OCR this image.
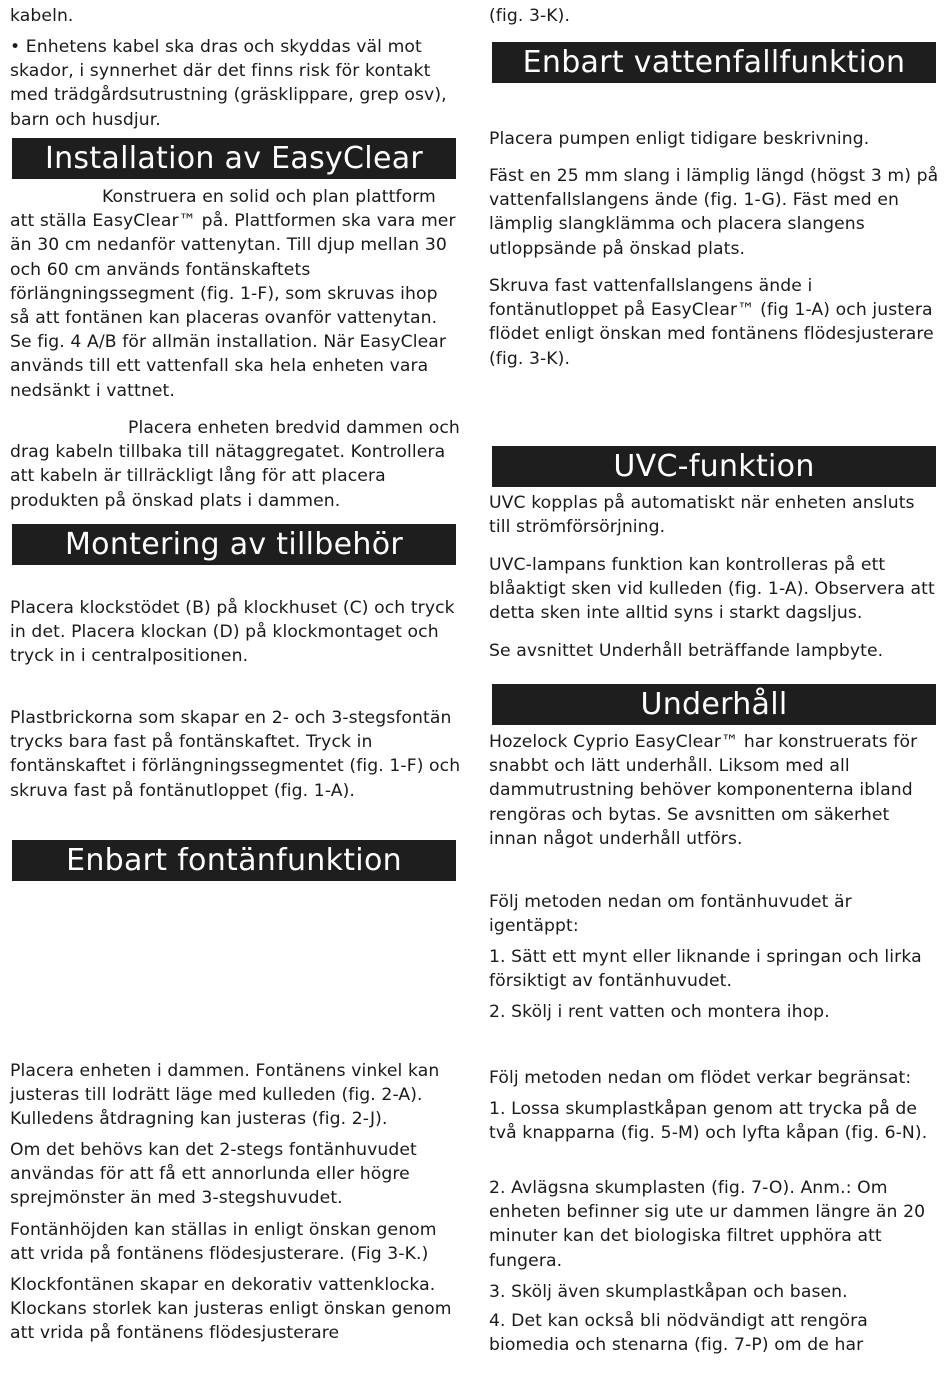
kabeln.

• Enhetens kabel ska dras och skyddas väl mot skador, i synnerhet där det finns risk för kontakt med trädgårdsutrustning (gräsklippare, grep osv), barn och husdjur.

Installation av EasyClear

Konstruera en solid och plan plattform att ställa EasyClear™ på. Plattformen ska vara mer än 30 cm nedanför vattenytan. Till djup mellan 30 och 60 cm används fontänskaftets förlängningssegment (fig. 1-F), som skruvas ihop så att fontänen kan placeras ovanför vattenytan. Se fig. 4 A/B för allmän installation. När EasyClear används till ett vattenfall ska hela enheten vara nedsänkt i vattnet.

Placera enheten bredvid dammen och drag kabeln tillbaka till nätaggregatet. Kontrollera att kabeln är tillräckligt lång för att placera produkten på önskad plats i dammen.

Montering av tillbehör

Placera klockstödet (B) på klockhuset (C) och tryck in det. Placera klockan (D) på klockmontaget och tryck in i centralpositionen.

Plastbrickorna som skapar en 2- och 3-stegsfontän trycks bara fast på fontänskaftet. Tryck in fontänskaftet i förlängningssegmentet (fig. 1-F) och skruva fast på fontänutloppet (fig. 1-A).

Enbart fontänfunktion

Placera enheten i dammen. Fontänens vinkel kan justeras till lodrätt läge med kulleden (fig. 2-A). Kulledens åtdragning kan justeras (fig. 2-J).

Om det behövs kan det 2-stegs fontänhuvudet användas för att få ett annorlunda eller högre sprejmönster än med 3-stegshuvudet.

Fontänhöjden kan ställas in enligt önskan genom att vrida på fontänens flödesjusterare. (Fig 3-K.)

Klockfontänen skapar en dekorativ vattenklocka. Klockans storlek kan justeras enligt önskan genom att vrida på fontänens flödesjusterare

(fig. 3-K).

Enbart vattenfallfunktion

Placera pumpen enligt tidigare beskrivning.

Fäst en 25 mm slang i lämplig längd (högst 3 m) på vattenfallslangens ände (fig. 1-G). Fäst med en lämplig slangklämma och placera slangens utloppsände på önskad plats.

Skruva fast vattenfallslangens ände i fontänutloppet på EasyClear™ (fig 1-A) och justera flödet enligt önskan med fontänens flödesjusterare (fig. 3-K).

UVC-funktion

UVC kopplas på automatiskt när enheten ansluts till strömförsörjning.

UVC-lampans funktion kan kontrolleras på ett blåaktigt sken vid kulleden (fig. 1-A). Observera att detta sken inte alltid syns i starkt dagsljus.

Se avsnittet Underhåll beträffande lampbyte.

Underhåll

Hozelock Cyprio EasyClear™ har konstruerats för snabbt och lätt underhåll. Liksom med all dammutrustning behöver komponenterna ibland rengöras och bytas. Se avsnitten om säkerhet innan något underhåll utförs.

Följ metoden nedan om fontänhuvudet är igentäppt:

1. Sätt ett mynt eller liknande i springan och lirka försiktigt av fontänhuvudet.

2. Skölj i rent vatten och montera ihop.

Följ metoden nedan om flödet verkar begränsat:

1. Lossa skumplastkåpan genom att trycka på de två knapparna (fig. 5-M) och lyfta kåpan (fig. 6-N).

2. Avlägsna skumplasten (fig. 7-O). Anm.: Om enheten befinner sig ute ur dammen längre än 20 minuter kan det biologiska filtret upphöra att fungera.

3. Skölj även skumplastkåpan och basen.

4. Det kan också bli nödvändigt att rengöra biomedia och stenarna (fig. 7-P) om de har
